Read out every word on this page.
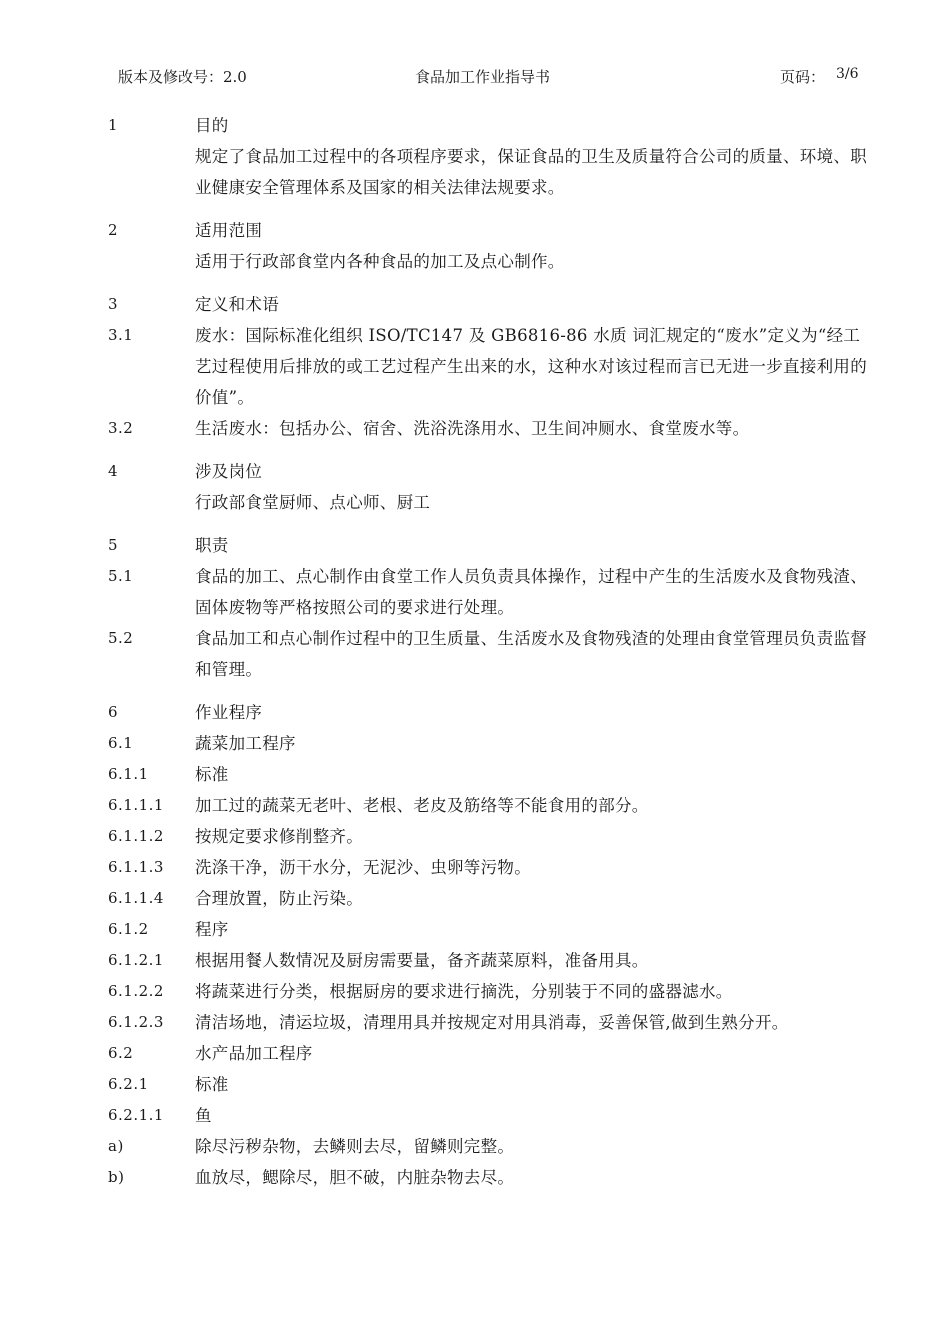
版本及修改号：2.0	食品加工作业指导书	页码： 3/6
1	目的
规定了食品加工过程中的各项程序要求，保证食品的卫生及质量符合公司的质量、环境、职业健康安全管理体系及国家的相关法律法规要求。
2	适用范围
适用于行政部食堂内各种食品的加工及点心制作。
3	定义和术语
3.1	废水：国际标准化组织 ISO/TC147 及 GB6816-86 水质 词汇规定的“废水”定义为“经工艺过程使用后排放的或工艺过程产生出来的水，这种水对该过程而言已无进一步直接利用的价值”。
3.2	生活废水：包括办公、宿舍、洗浴洗涤用水、卫生间冲厕水、食堂废水等。
4	涉及岗位
行政部食堂厨师、点心师、厨工
5	职责
5.1	食品的加工、点心制作由食堂工作人员负责具体操作，过程中产生的生活废水及食物残渣、固体废物等严格按照公司的要求进行处理。
5.2	食品加工和点心制作过程中的卫生质量、生活废水及食物残渣的处理由食堂管理员负责监督和管理。
6	作业程序
6.1	蔬菜加工程序
6.1.1	标准
6.1.1.1	加工过的蔬菜无老叶、老根、老皮及筋络等不能食用的部分。
6.1.1.2	按规定要求修削整齐。
6.1.1.3	洗涤干净，沥干水分，无泥沙、虫卵等污物。
6.1.1.4	合理放置，防止污染。
6.1.2	程序
6.1.2.1	根据用餐人数情况及厨房需要量，备齐蔬菜原料，准备用具。
6.1.2.2	将蔬菜进行分类，根据厨房的要求进行摘洗，分别装于不同的盛器滤水。
6.1.2.3	清洁场地，清运垃圾，清理用具并按规定对用具消毒，妥善保管,做到生熟分开。
6.2	水产品加工程序
6.2.1	标准
6.2.1.1	鱼
a)	除尽污秽杂物，去鳞则去尽，留鳞则完整。
b)	血放尽，鳃除尽，胆不破，内脏杂物去尽。
